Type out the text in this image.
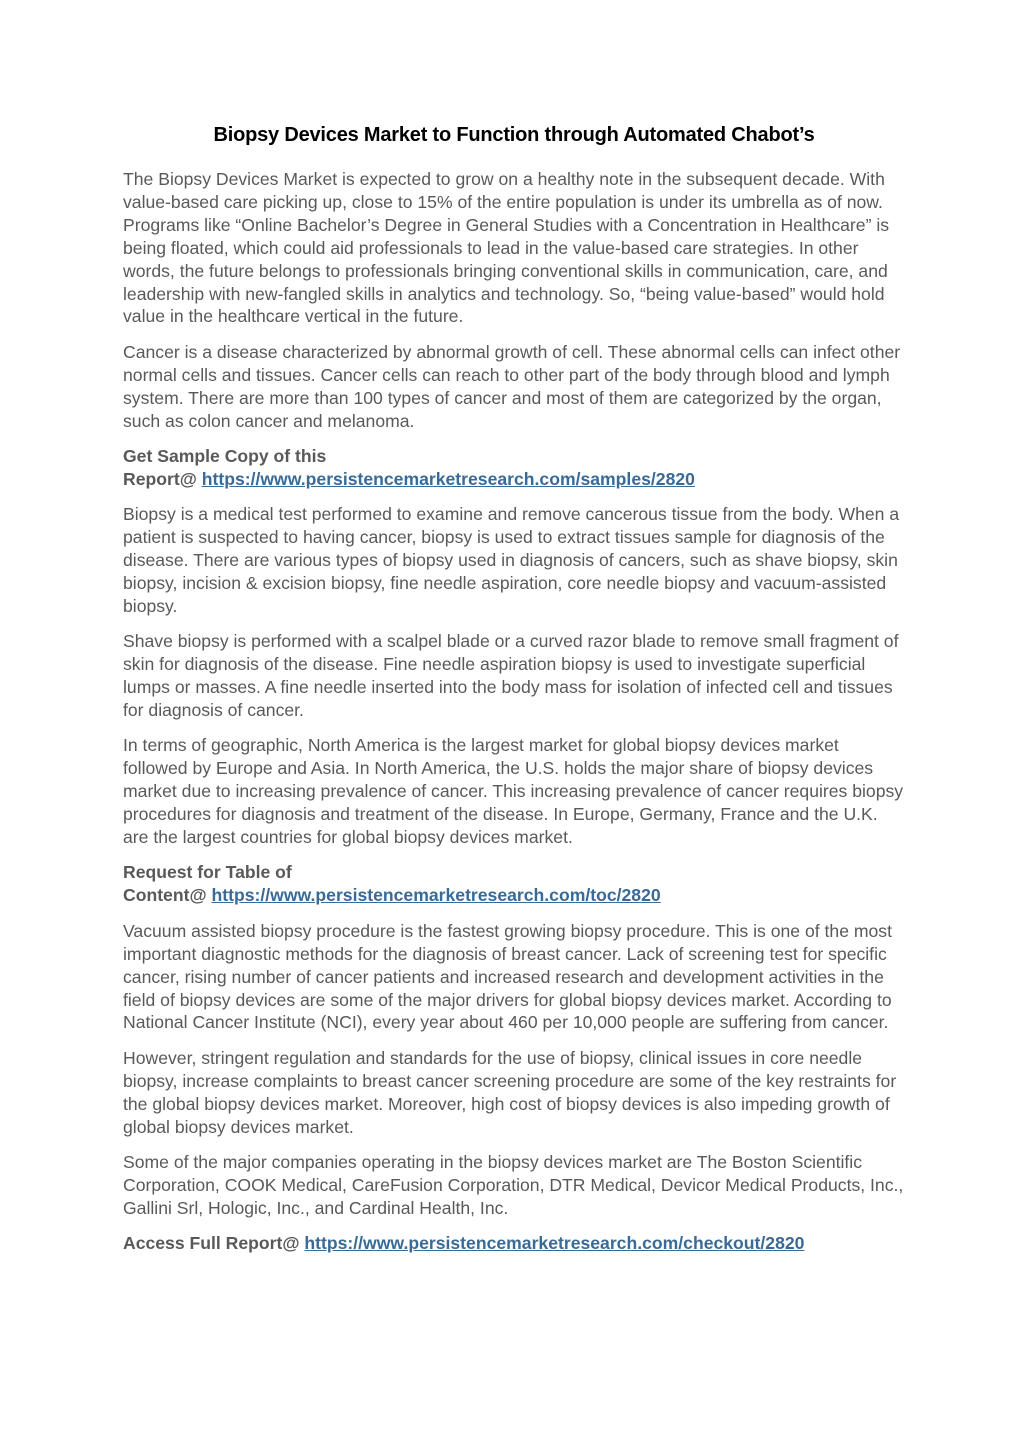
Biopsy Devices Market to Function through Automated Chabot’s

The Biopsy Devices Market is expected to grow on a healthy note in the subsequent decade. With value-based care picking up, close to 15% of the entire population is under its umbrella as of now. Programs like “Online Bachelor’s Degree in General Studies with a Concentration in Healthcare” is being floated, which could aid professionals to lead in the value-based care strategies. In other words, the future belongs to professionals bringing conventional skills in communication, care, and leadership with new-fangled skills in analytics and technology. So, “being value-based” would hold value in the healthcare vertical in the future.

Cancer is a disease characterized by abnormal growth of cell. These abnormal cells can infect other normal cells and tissues. Cancer cells can reach to other part of the body through blood and lymph system. There are more than 100 types of cancer and most of them are categorized by the organ, such as colon cancer and melanoma.

Get Sample Copy of this
Report@ https://www.persistencemarketresearch.com/samples/2820

Biopsy is a medical test performed to examine and remove cancerous tissue from the body. When a patient is suspected to having cancer, biopsy is used to extract tissues sample for diagnosis of the disease. There are various types of biopsy used in diagnosis of cancers, such as shave biopsy, skin biopsy, incision & excision biopsy, fine needle aspiration, core needle biopsy and vacuum-assisted biopsy.

Shave biopsy is performed with a scalpel blade or a curved razor blade to remove small fragment of skin for diagnosis of the disease. Fine needle aspiration biopsy is used to investigate superficial lumps or masses. A fine needle inserted into the body mass for isolation of infected cell and tissues for diagnosis of cancer.

In terms of geographic, North America is the largest market for global biopsy devices market followed by Europe and Asia. In North America, the U.S. holds the major share of biopsy devices market due to increasing prevalence of cancer. This increasing prevalence of cancer requires biopsy procedures for diagnosis and treatment of the disease. In Europe, Germany, France and the U.K. are the largest countries for global biopsy devices market.

Request for Table of
Content@ https://www.persistencemarketresearch.com/toc/2820

Vacuum assisted biopsy procedure is the fastest growing biopsy procedure. This is one of the most important diagnostic methods for the diagnosis of breast cancer. Lack of screening test for specific cancer, rising number of cancer patients and increased research and development activities in the field of biopsy devices are some of the major drivers for global biopsy devices market. According to National Cancer Institute (NCI), every year about 460 per 10,000 people are suffering from cancer.

However, stringent regulation and standards for the use of biopsy, clinical issues in core needle biopsy, increase complaints to breast cancer screening procedure are some of the key restraints for the global biopsy devices market. Moreover, high cost of biopsy devices is also impeding growth of global biopsy devices market.

Some of the major companies operating in the biopsy devices market are The Boston Scientific Corporation, COOK Medical, CareFusion Corporation, DTR Medical, Devicor Medical Products, Inc., Gallini Srl, Hologic, Inc., and Cardinal Health, Inc.

Access Full Report@ https://www.persistencemarketresearch.com/checkout/2820
